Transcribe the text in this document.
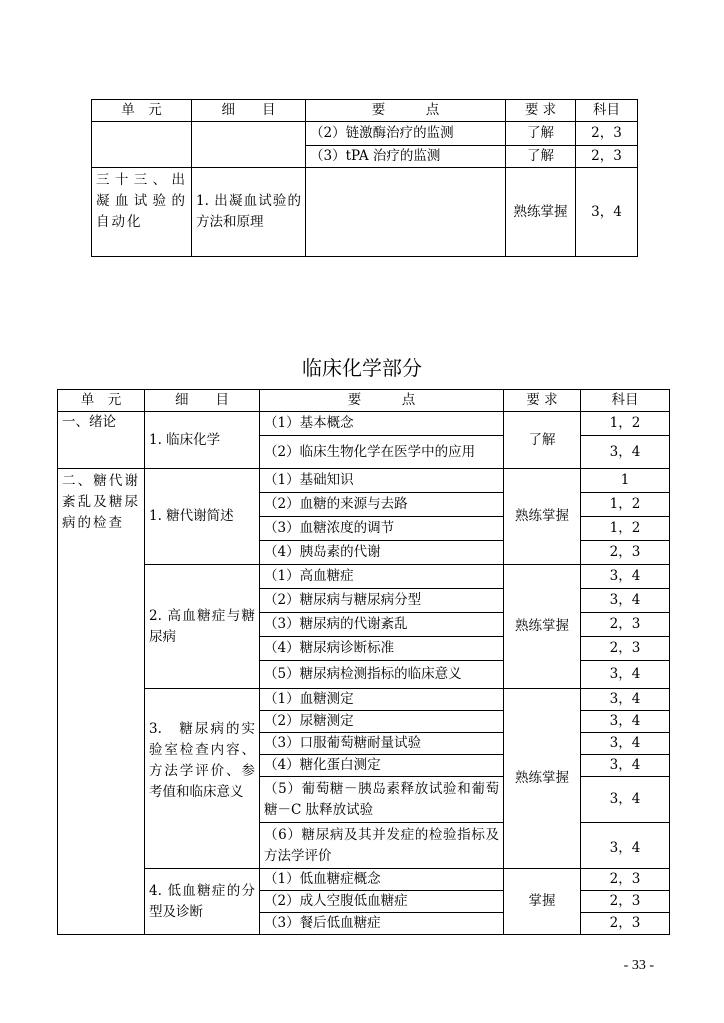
单　元	细　　目	要　　　点	要 求	科目
		（2）链激酶治疗的监测	了解	2，3
		（3）tPA 治疗的监测	了解	2，3
三十三、出凝血试验的自动化	1. 出凝血试验的方法和原理		熟练掌握	3，4
临床化学部分
单　元	细　　目	要　　　点	要 求	科目
一、绪论	1. 临床化学	（1）基本概念	了解	1，2
		（2）临床生物化学在医学中的应用		3，4
二、糖代谢紊乱及糖尿病的检查	1. 糖代谢简述	（1）基础知识	熟练掌握	1
		（2）血糖的来源与去路		1，2
		（3）血糖浓度的调节		1，2
		（4）胰岛素的代谢		2，3
	2. 高血糖症与糖尿病	（1）高血糖症	熟练掌握	3，4
		（2）糖尿病与糖尿病分型		3，4
		（3）糖尿病的代谢紊乱		2，3
		（4）糖尿病诊断标准		2，3
		（5）糖尿病检测指标的临床意义		3，4
	3.　糖尿病的实验室检查内容、方法学评价、参考值和临床意义	（1）血糖测定	熟练掌握	3，4
		（2）尿糖测定		3，4
		（3）口服葡萄糖耐量试验		3，4
		（4）糖化蛋白测定		3，4
		（5）葡萄糖－胰岛素释放试验和葡萄糖－C 肽释放试验		3，4
		（6）糖尿病及其并发症的检验指标及方法学评价		3，4
	4. 低血糖症的分型及诊断	（1）低血糖症概念	掌握	2，3
		（2）成人空腹低血糖症		2，3
		（3）餐后低血糖症		2，3
- 33 -
